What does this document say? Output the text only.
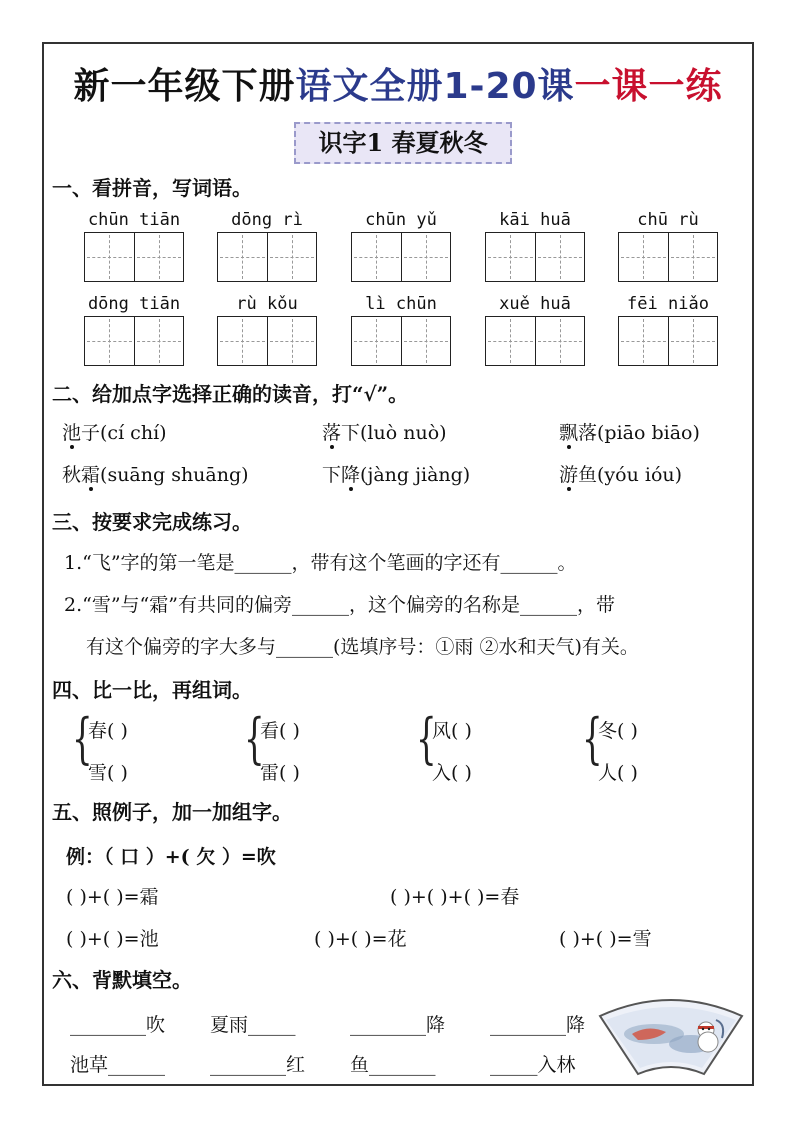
新一年级下册语文全册1-20课一课一练
识字1 春夏秋冬
一、看拼音，写词语。
chūn tiān	dōng rì	chūn yǔ	kāi huā	chū rù
dōng tiān	rù kǒu	lì chūn	xuě huā	fēi niǎo
二、给加点字选择正确的读音，打“√”。
池子(cí chí)	落下(luò nuò)	飘落(piāo biāo)
秋霜(suāng shuāng)	下降(jàng jiàng)	游鱼(yóu ióu)
三、按要求完成练习。
1.“飞”字的第一笔是______，带有这个笔画的字还有______。
2.“雪”与“霜”有共同的偏旁______，这个偏旁的名称是______，带
有这个偏旁的字大多与______(选填序号：①雨 ②水和天气)有关。
四、比一比，再组词。
{
春( )
雪( )
{
看( )
雷( )
{
风( )
入( )
{
冬( )
人( )
五、照例子，加一加组字。
例：（ 口 ）+( 欠 ）=吹
( )+( )=霜	( )+( )+( )=春
( )+( )=池	( )+( )=花	( )+( )=雪
六、背默填空。
________吹 夏雨_____	________降 ________降
池草______ ________红 鱼_______	_____入林
